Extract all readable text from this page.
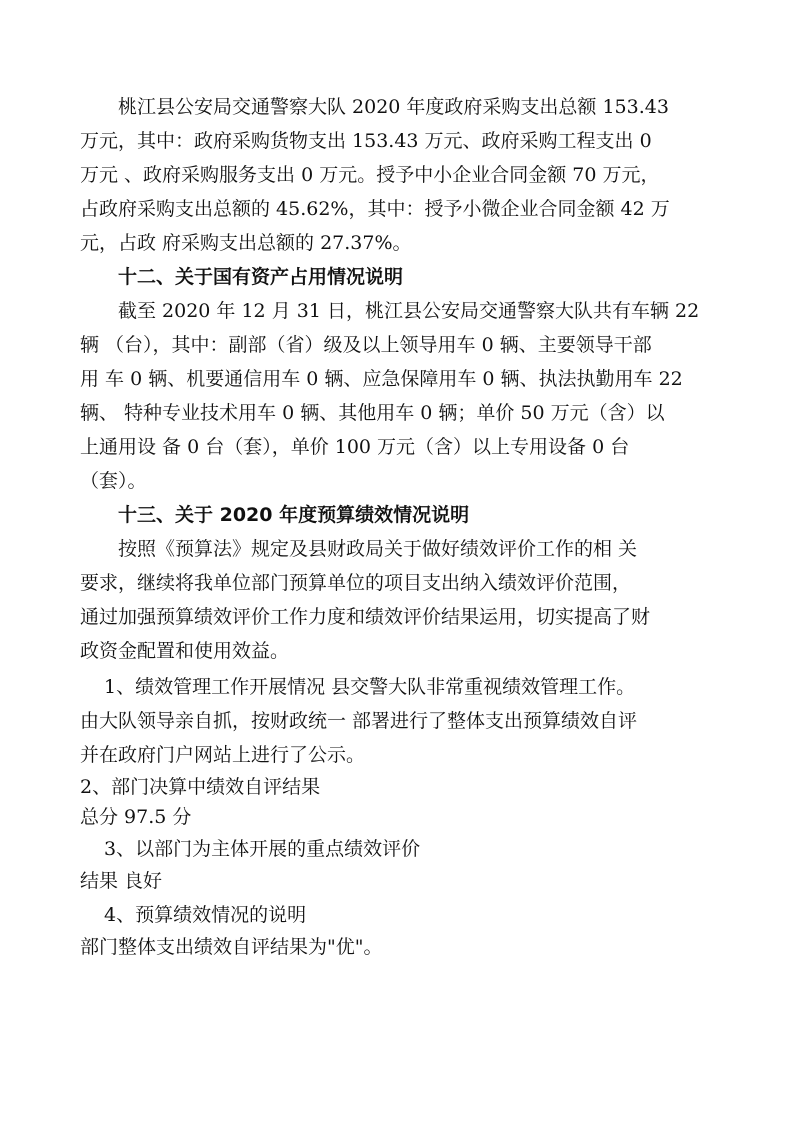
桃江县公安局交通警察大队 2020 年度政府采购支出总额 153.43

万元，其中：政府采购货物支出 153.43 万元、政府采购工程支出 0

万元 、政府采购服务支出 0 万元。授予中小企业合同金额 70 万元，

占政府采购支出总额的 45.62%，其中：授予小微企业合同金额 42 万

元，占政 府采购支出总额的 27.37%。

十二、关于国有资产占用情况说明

截至 2020 年 12 月 31 日，桃江县公安局交通警察大队共有车辆 22

辆 （台），其中：副部（省）级及以上领导用车 0 辆、主要领导干部

用 车 0 辆、机要通信用车 0 辆、应急保障用车 0 辆、执法执勤用车 22

辆、 特种专业技术用车 0 辆、其他用车 0 辆；单价 50 万元（含）以

上通用设 备 0 台（套），单价 100 万元（含）以上专用设备 0 台

（套）。

十三、关于 2020 年度预算绩效情况说明

按照《预算法》规定及县财政局关于做好绩效评价工作的相 关

要求，继续将我单位部门预算单位的项目支出纳入绩效评价范围，

通过加强预算绩效评价工作力度和绩效评价结果运用，切实提高了财

政资金配置和使用效益。

1、绩效管理工作开展情况 县交警大队非常重视绩效管理工作。

由大队领导亲自抓，按财政统一 部署进行了整体支出预算绩效自评

并在政府门户网站上进行了公示。

2、部门决算中绩效自评结果

总分 97.5 分

3、以部门为主体开展的重点绩效评价

结果 良好

4、预算绩效情况的说明

部门整体支出绩效自评结果为"优"。
